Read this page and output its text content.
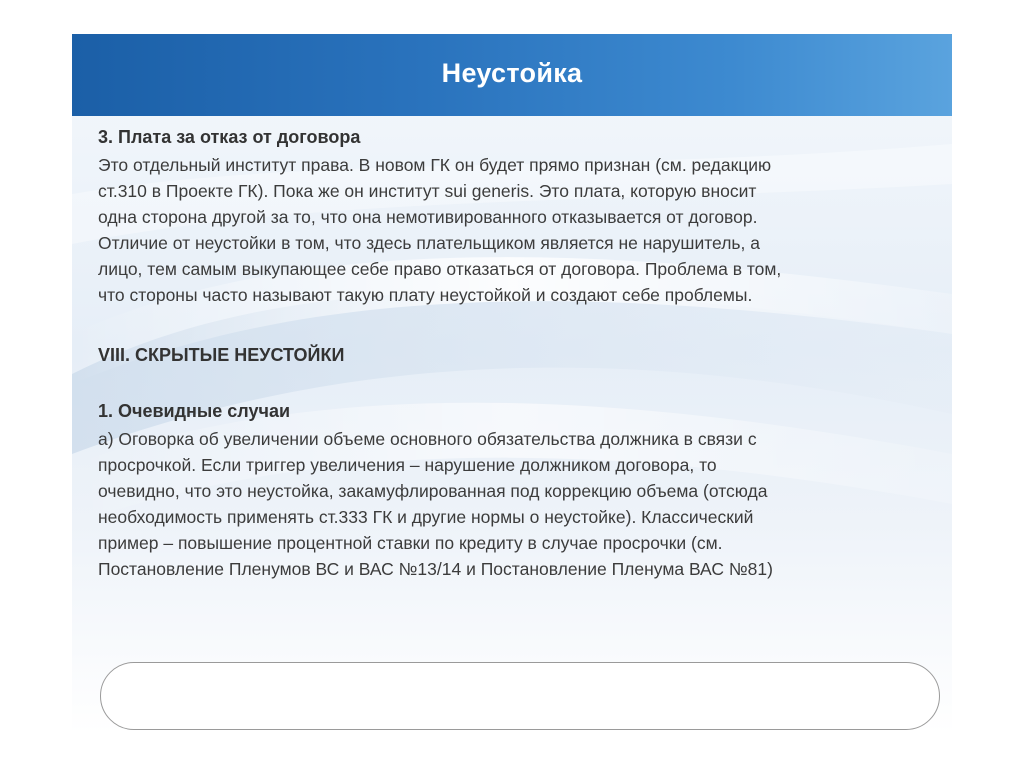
Неустойка

3. Плата за отказ от договора

Это отдельный институт права. В новом ГК он будет прямо признан (см. редакцию
ст.310 в Проекте ГК). Пока же он институт sui generis. Это плата, которую вносит
одна сторона другой за то, что она немотивированного отказывается от договор.
Отличие от неустойки в том, что здесь плательщиком является не нарушитель, а
лицо, тем самым выкупающее себе право отказаться от договора. Проблема в том,
что стороны часто называют такую плату неустойкой и создают себе проблемы.

VIII. СКРЫТЫЕ НЕУСТОЙКИ

1. Очевидные случаи

а) Оговорка об увеличении объеме основного обязательства должника в связи с
просрочкой. Если триггер увеличения – нарушение должником договора, то
очевидно, что это неустойка, закамуфлированная под коррекцию объема (отсюда
необходимость применять ст.333 ГК и другие нормы о неустойке). Классический
пример – повышение процентной ставки по кредиту в случае просрочки (см.
Постановление Пленумов ВС и ВАС №13/14 и Постановление Пленума ВАС №81)
